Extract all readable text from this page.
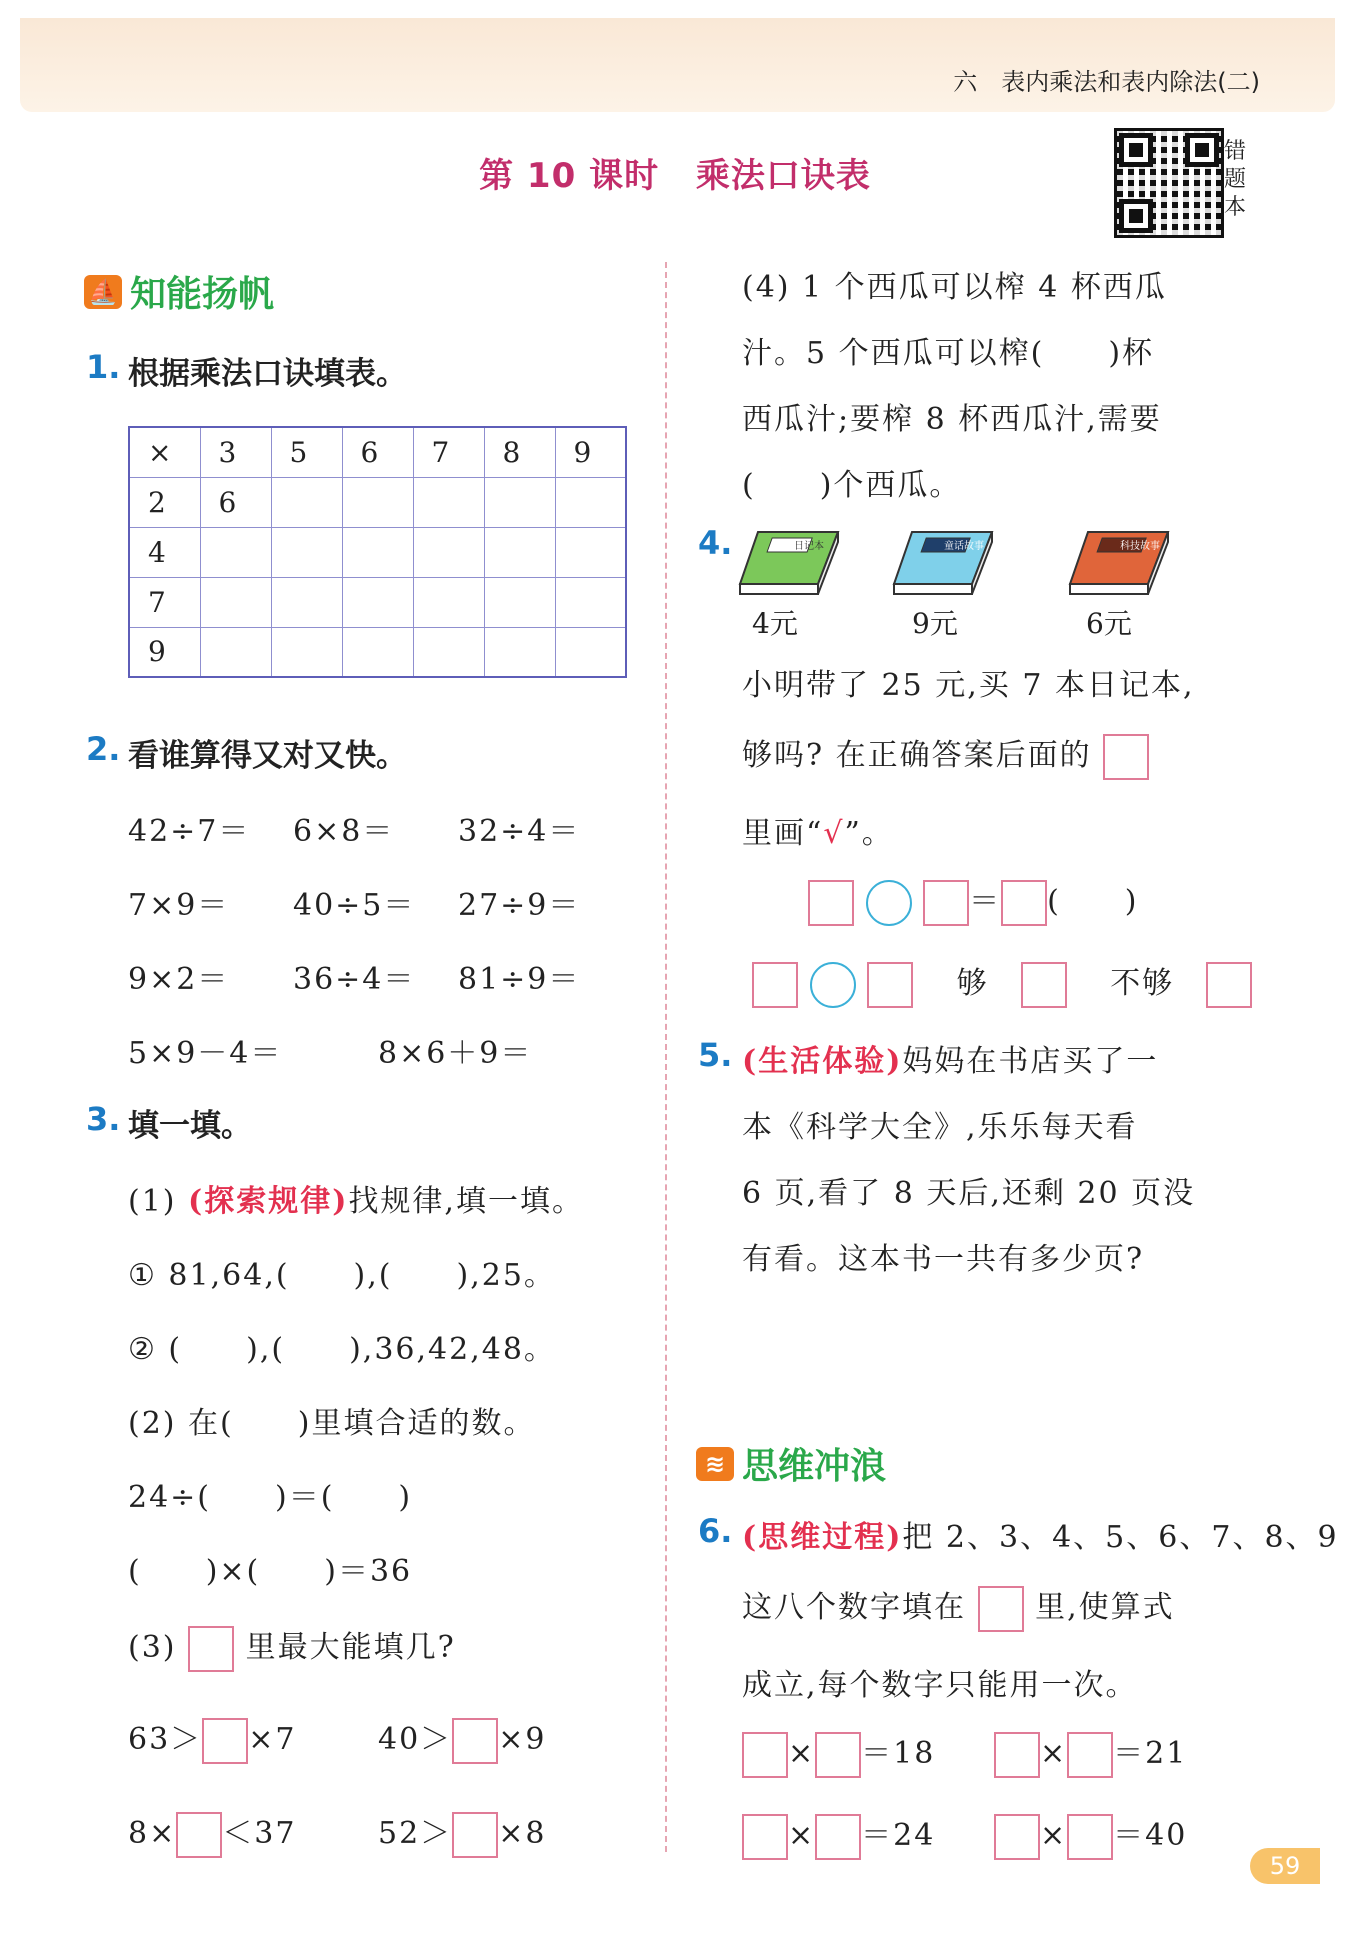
六　表内乘法和表内除法(二)
第 10 课时 乘法口诀表
错
题
本
⛵ 知能扬帆
1. 根据乘法口诀填表。
×	3	5	6	7	8	9
2	6					
4						
7						
9						
2. 看谁算得又对又快。
42÷7＝ 6×8＝ 32÷4＝
7×9＝ 40÷5＝ 27÷9＝
9×2＝ 36÷4＝ 81÷9＝
5×9－4＝	8×6＋9＝
3. 填一填。
(1) (探索规律)找规律,填一填。
① 81,64,(　　),(　　),25。
② (　　),(　　),36,42,48。
(2) 在(　　)里填合适的数。
24÷(　　)＝(　　)
(　　)×(　　)＝36
(3) 里最大能填几?
63＞ ×7	40＞ ×9
8× ＜37	52＞ ×8
(4) 1 个西瓜可以榨 4 杯西瓜
汁。5 个西瓜可以榨(　　)杯
西瓜汁;要榨 8 杯西瓜汁,需要
(　　)个西瓜。
4.	日记本
4元
童话故事
9元
科技故事
6元
小明带了 25 元,买 7 本日记本,
够吗? 在正确答案后面的
里画“√”。
＝ (　　)
　够　 　	不够　
5. (生活体验)妈妈在书店买了一
本《科学大全》,乐乐每天看
6 页,看了 8 天后,还剩 20 页没
有看。这本书一共有多少页?
≋ 思维冲浪
6. (思维过程)把 2、3、4、5、6、7、8、9
这八个数字填在 里,使算式
成立,每个数字只能用一次。
× ＝18	× ＝21
× ＝24	× ＝40
59
